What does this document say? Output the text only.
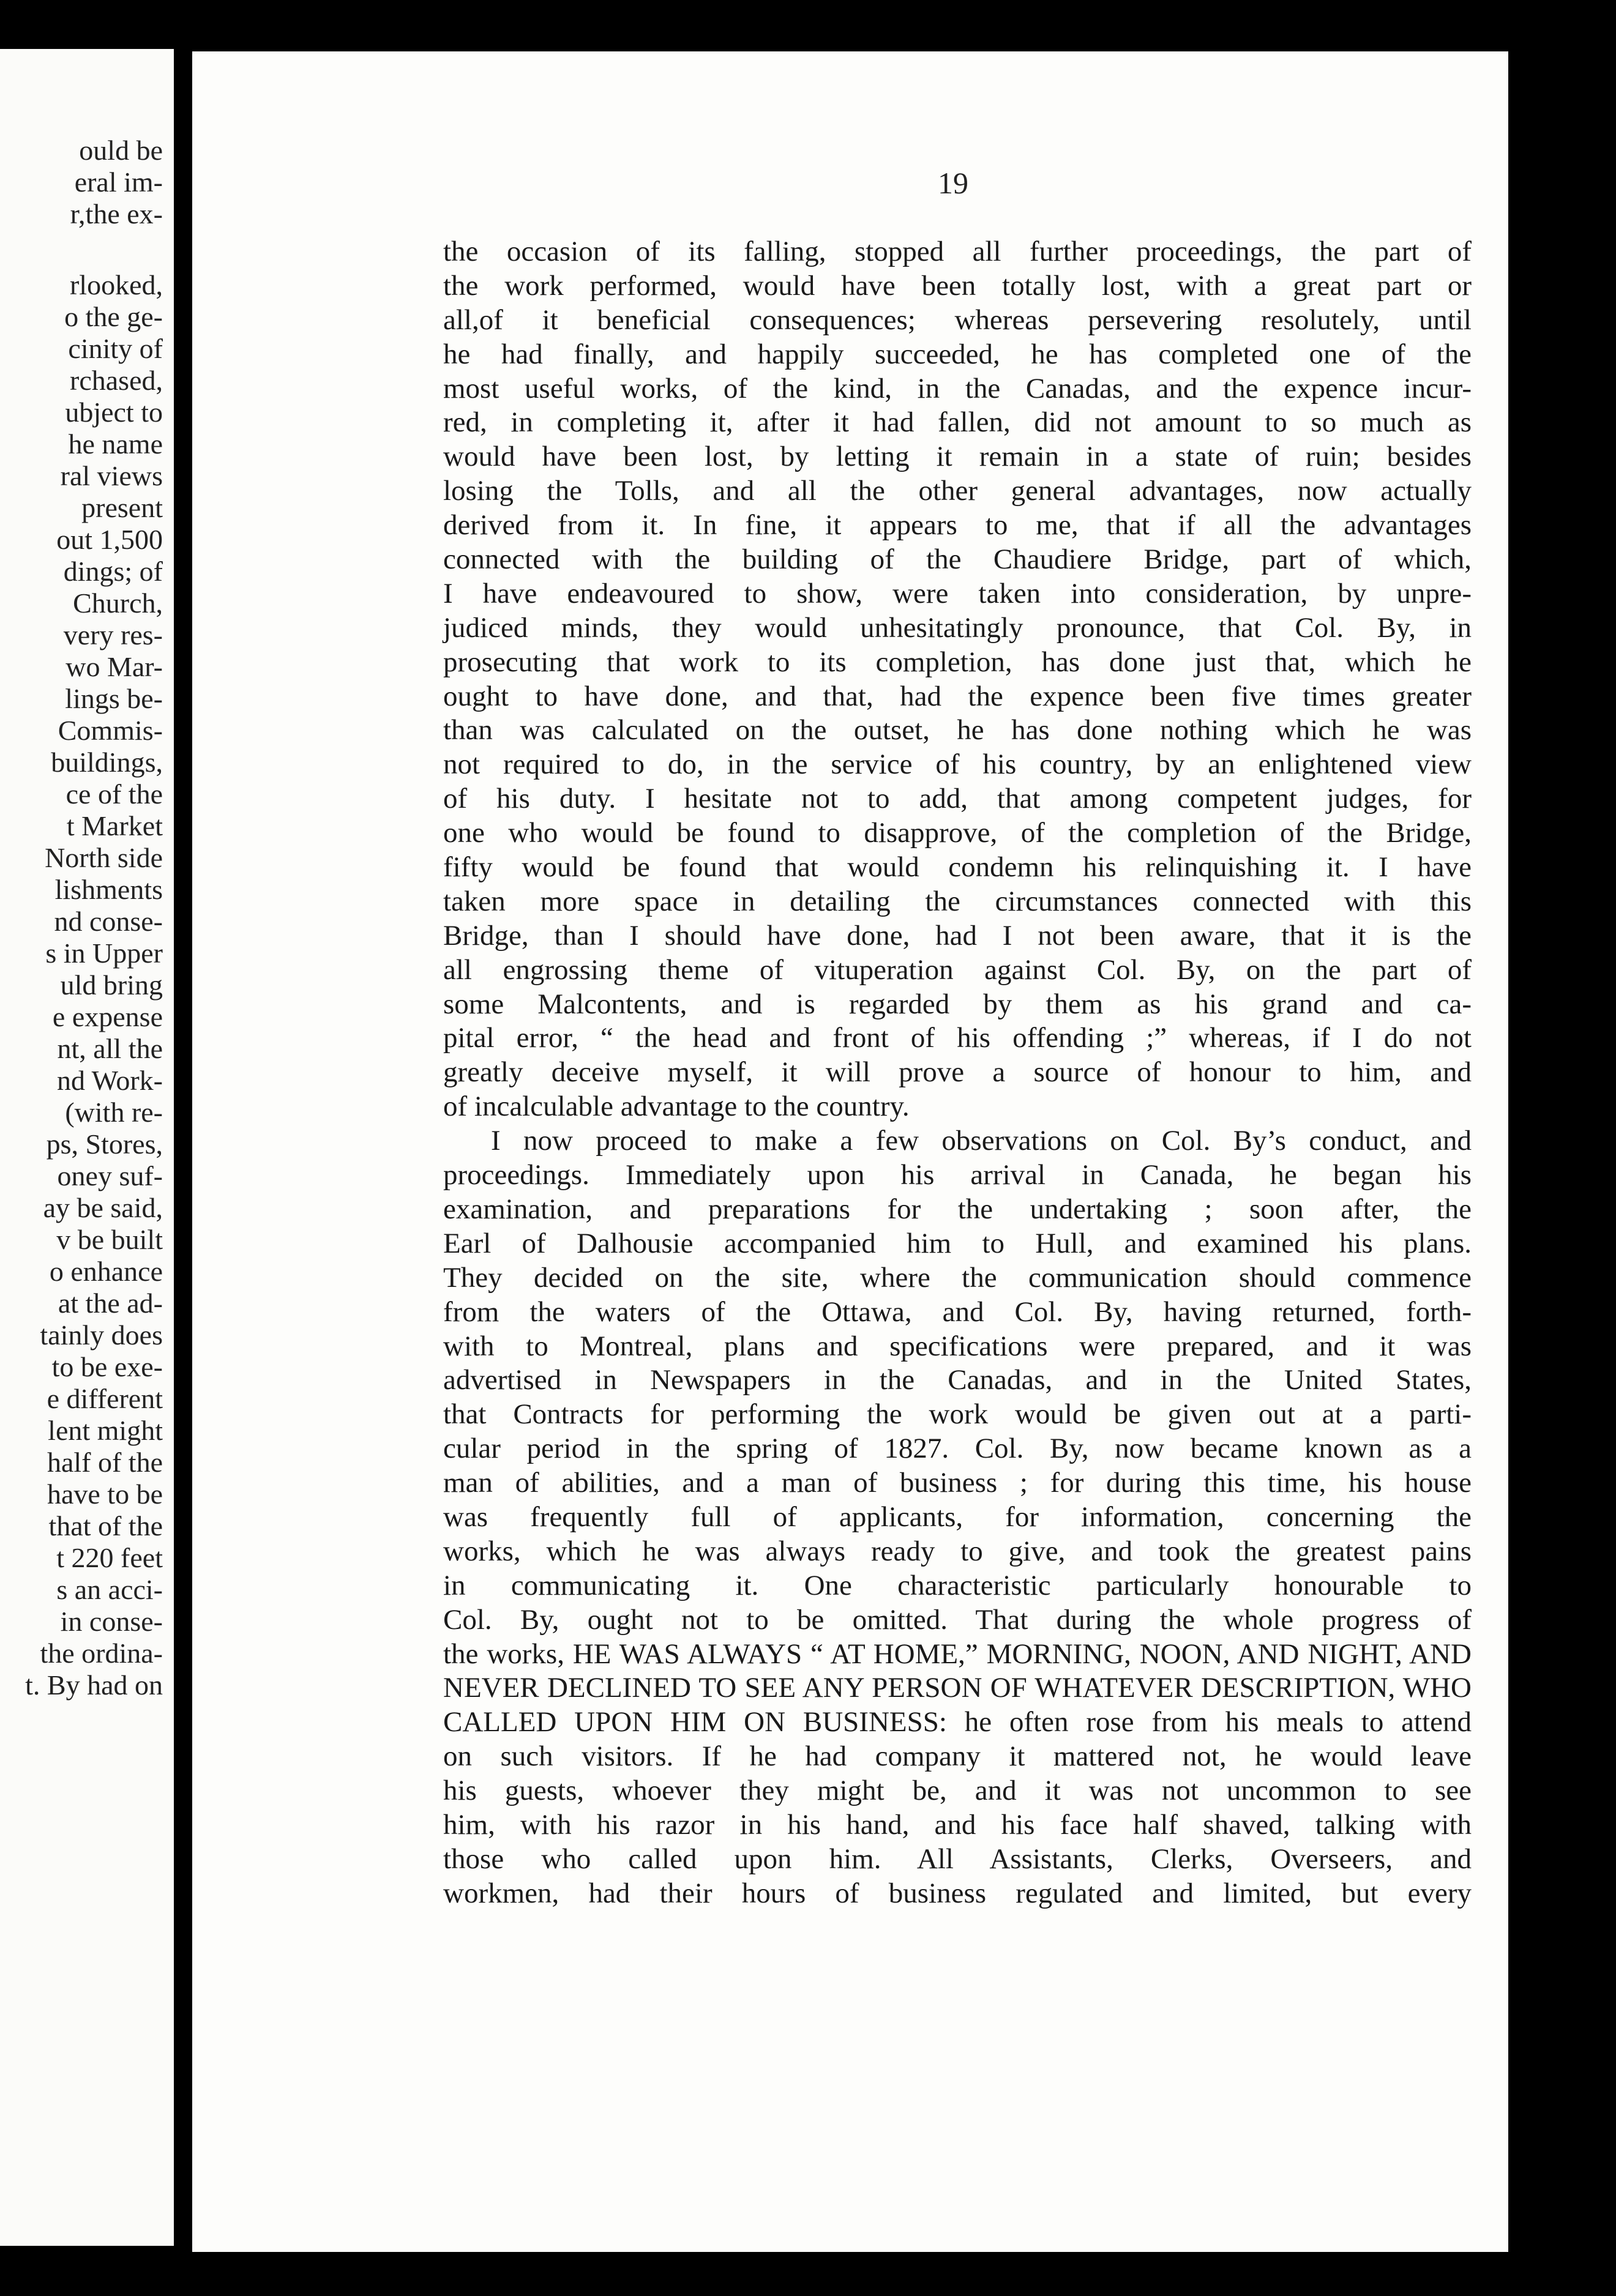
ould be
eral im-
r,the ex-
rlooked,
o the ge-
cinity of
rchased,
ubject to
he name
ral views
present
out 1,500
dings; of
Church,
very res-
wo Mar-
lings be-
Commis-
buildings,
ce of the
t Market
North side
lishments
nd conse-
s in Upper
uld bring
e expense
nt, all the
nd Work-
(with re-
ps, Stores,
oney suf-
ay be said,
v be built
o enhance
at the ad-
tainly does
to be exe-
e different
lent might
half of the
have to be
that of the
t 220 feet
s an acci-
in conse-
the ordina-
t. By had on
19
the occasion of its falling, stopped all further proceedings, the part of
the work performed, would have been totally lost, with a great part or
all,of it beneficial consequences; whereas persevering resolutely, until
he had finally, and happily succeeded, he has completed one of the
most useful works, of the kind, in the Canadas, and the expence incur-
red, in completing it, after it had fallen, did not amount to so much as
would have been lost, by letting it remain in a state of ruin; besides
losing the Tolls, and all the other general advantages, now actually
derived from it. In fine, it appears to me, that if all the advantages
connected with the building of the Chaudiere Bridge, part of which,
I have endeavoured to show, were taken into consideration, by unpre-
judiced minds, they would unhesitatingly pronounce, that Col. By, in
prosecuting that work to its completion, has done just that, which he
ought to have done, and that, had the expence been five times greater
than was calculated on the outset, he has done nothing which he was
not required to do, in the service of his country, by an enlightened view
of his duty. I hesitate not to add, that among competent judges, for
one who would be found to disapprove, of the completion of the Bridge,
fifty would be found that would condemn his relinquishing it. I have
taken more space in detailing the circumstances connected with this
Bridge, than I should have done, had I not been aware, that it is the
all engrossing theme of vituperation against Col. By, on the part of
some Malcontents, and is regarded by them as his grand and ca-
pital error, “ the head and front of his offending ;” whereas, if I do not
greatly deceive myself, it will prove a source of honour to him, and
of incalculable advantage to the country.
I now proceed to make a few observations on Col. By’s conduct, and
proceedings. Immediately upon his arrival in Canada, he began his
examination, and preparations for the undertaking ; soon after, the
Earl of Dalhousie accompanied him to Hull, and examined his plans.
They decided on the site, where the communication should commence
from the waters of the Ottawa, and Col. By, having returned, forth-
with to Montreal, plans and specifications were prepared, and it was
advertised in Newspapers in the Canadas, and in the United States,
that Contracts for performing the work would be given out at a parti-
cular period in the spring of 1827. Col. By, now became known as a
man of abilities, and a man of business ; for during this time, his house
was frequently full of applicants, for information, concerning the
works, which he was always ready to give, and took the greatest pains
in communicating it. One characteristic particularly honourable to
Col. By, ought not to be omitted. That during the whole progress of
the works, HE WAS ALWAYS “ AT HOME,” MORNING, NOON, AND NIGHT, AND
NEVER DECLINED TO SEE ANY PERSON OF WHATEVER DESCRIPTION, WHO
CALLED UPON HIM ON BUSINESS: he often rose from his meals to attend
on such visitors. If he had company it mattered not, he would leave
his guests, whoever they might be, and it was not uncommon to see
him, with his razor in his hand, and his face half shaved, talking with
those who called upon him. All Assistants, Clerks, Overseers, and
workmen, had their hours of business regulated and limited, but every
